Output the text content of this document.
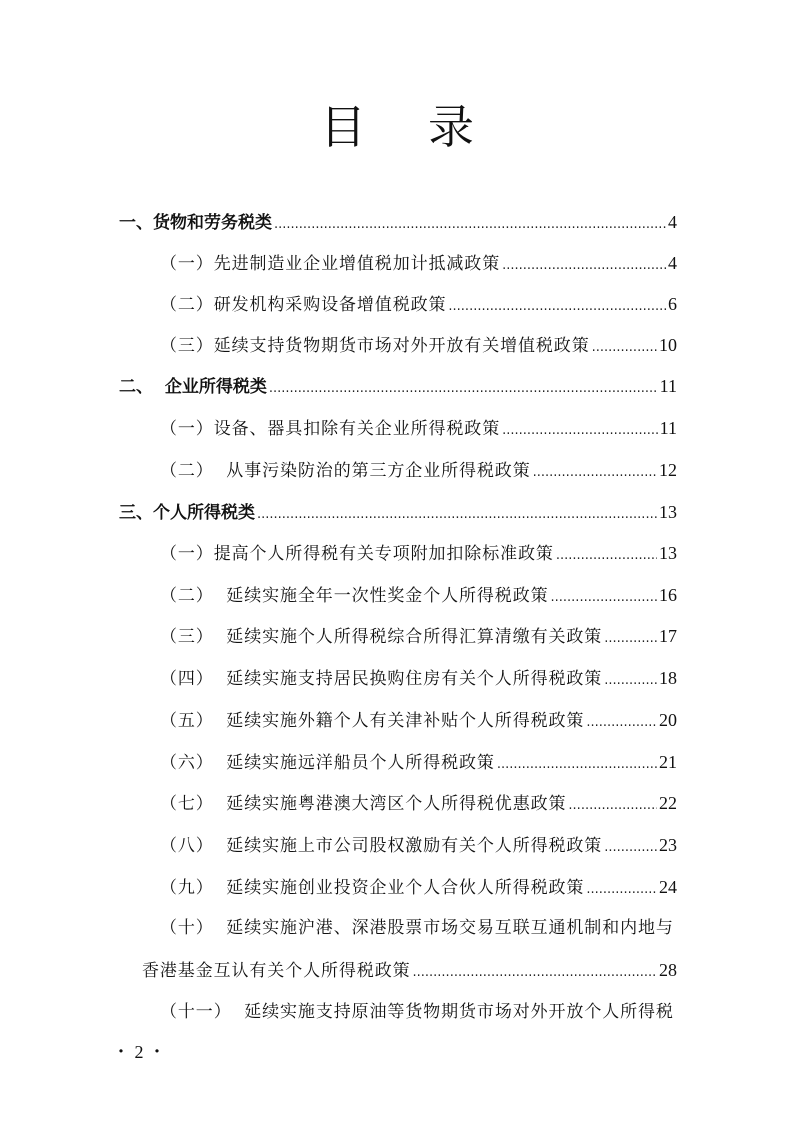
目 录
一、 货物和劳务税类 .....	4
（一） 先进制造业企业增值税加计抵减政策 .....	4
（二） 研发机构采购设备增值税政策 .....	6
（三） 延续支持货物期货市场对外开放有关增值税政策 .....	10
二、 企业所得税类 .....	11
（一） 设备、器具扣除有关企业所得税政策 .....	11
（二） 从事污染防治的第三方企业所得税政策 .....	12
三、 个人所得税类 .....	13
（一） 提高个人所得税有关专项附加扣除标准政策 .....	13
（二） 延续实施全年一次性奖金个人所得税政策 .....	16
（三） 延续实施个人所得税综合所得汇算清缴有关政策 .....	17
（四） 延续实施支持居民换购住房有关个人所得税政策 .....	18
（五） 延续实施外籍个人有关津补贴个人所得税政策 .....	20
（六） 延续实施远洋船员个人所得税政策 .....	21
（七） 延续实施粤港澳大湾区个人所得税优惠政策 .....	22
（八） 延续实施上市公司股权激励有关个人所得税政策 .....	23
（九） 延续实施创业投资企业个人合伙人所得税政策 .....	24
（十） 延续实施沪港、深港股票市场交易互联互通机制和内地与
香港基金互认有关个人所得税政策 .....	28
（十一） 延续实施支持原油等货物期货市场对外开放个人所得税
・ 2 ・
